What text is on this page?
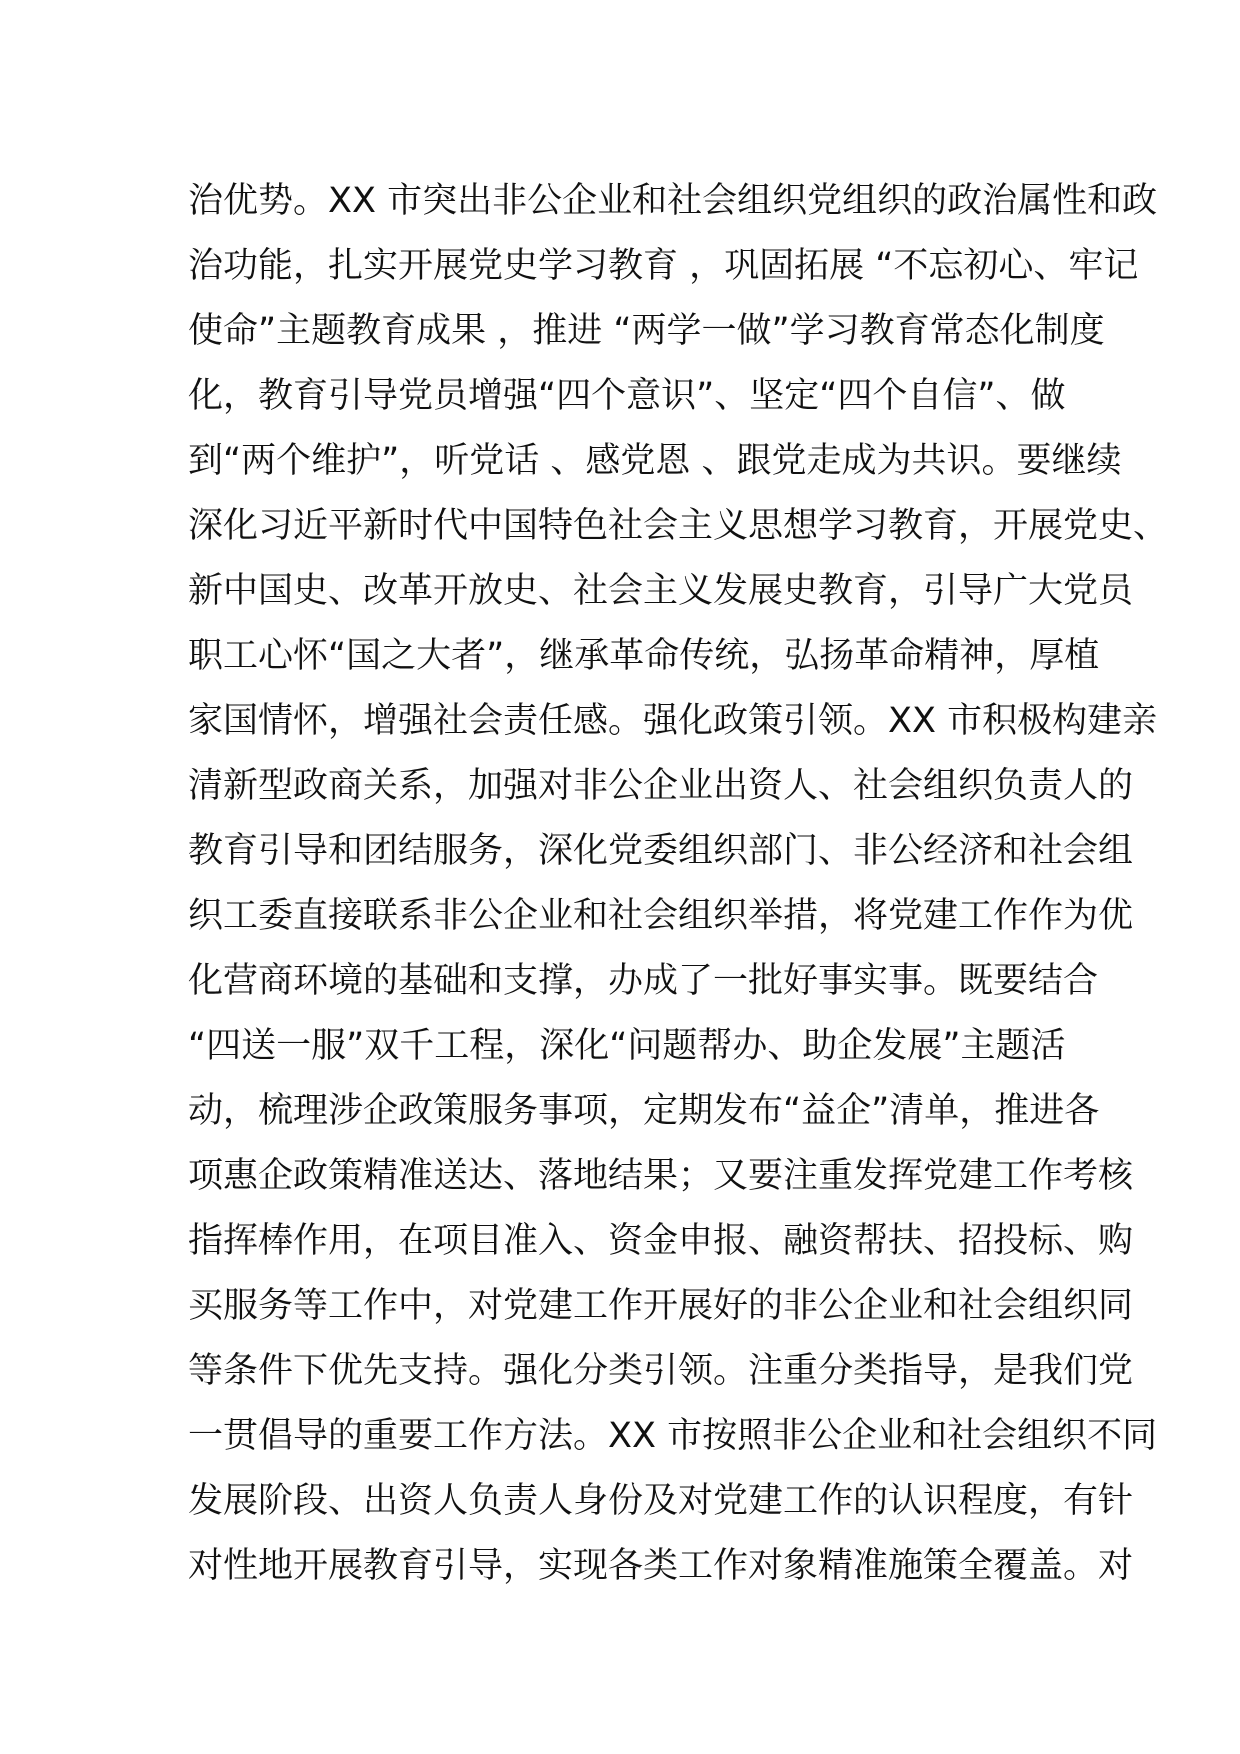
治优势。XX 市突出非公企业和社会组织党组织的政治属性和政
治功能，扎实开展党史学习教育 ，巩固拓展 “不忘初心、牢记
使命”主题教育成果 ，推进 “两学一做”学习教育常态化制度
化，教育引导党员增强“四个意识”、坚定“四个自信”、做
到“两个维护”，听党话 、感党恩 、跟党走成为共识。要继续
深化习近平新时代中国特色社会主义思想学习教育，开展党史、
新中国史、改革开放史、社会主义发展史教育，引导广大党员
职工心怀“国之大者”，继承革命传统，弘扬革命精神，厚植
家国情怀，增强社会责任感。强化政策引领。XX 市积极构建亲
清新型政商关系，加强对非公企业出资人、社会组织负责人的
教育引导和团结服务，深化党委组织部门、非公经济和社会组
织工委直接联系非公企业和社会组织举措，将党建工作作为优
化营商环境的基础和支撑，办成了一批好事实事。既要结合
“四送一服”双千工程，深化“问题帮办、助企发展”主题活
动，梳理涉企政策服务事项，定期发布“益企”清单，推进各
项惠企政策精准送达、落地结果；又要注重发挥党建工作考核
指挥棒作用，在项目准入、资金申报、融资帮扶、招投标、购
买服务等工作中，对党建工作开展好的非公企业和社会组织同
等条件下优先支持。强化分类引领。注重分类指导，是我们党
一贯倡导的重要工作方法。XX 市按照非公企业和社会组织不同
发展阶段、出资人负责人身份及对党建工作的认识程度，有针
对性地开展教育引导，实现各类工作对象精准施策全覆盖。对
